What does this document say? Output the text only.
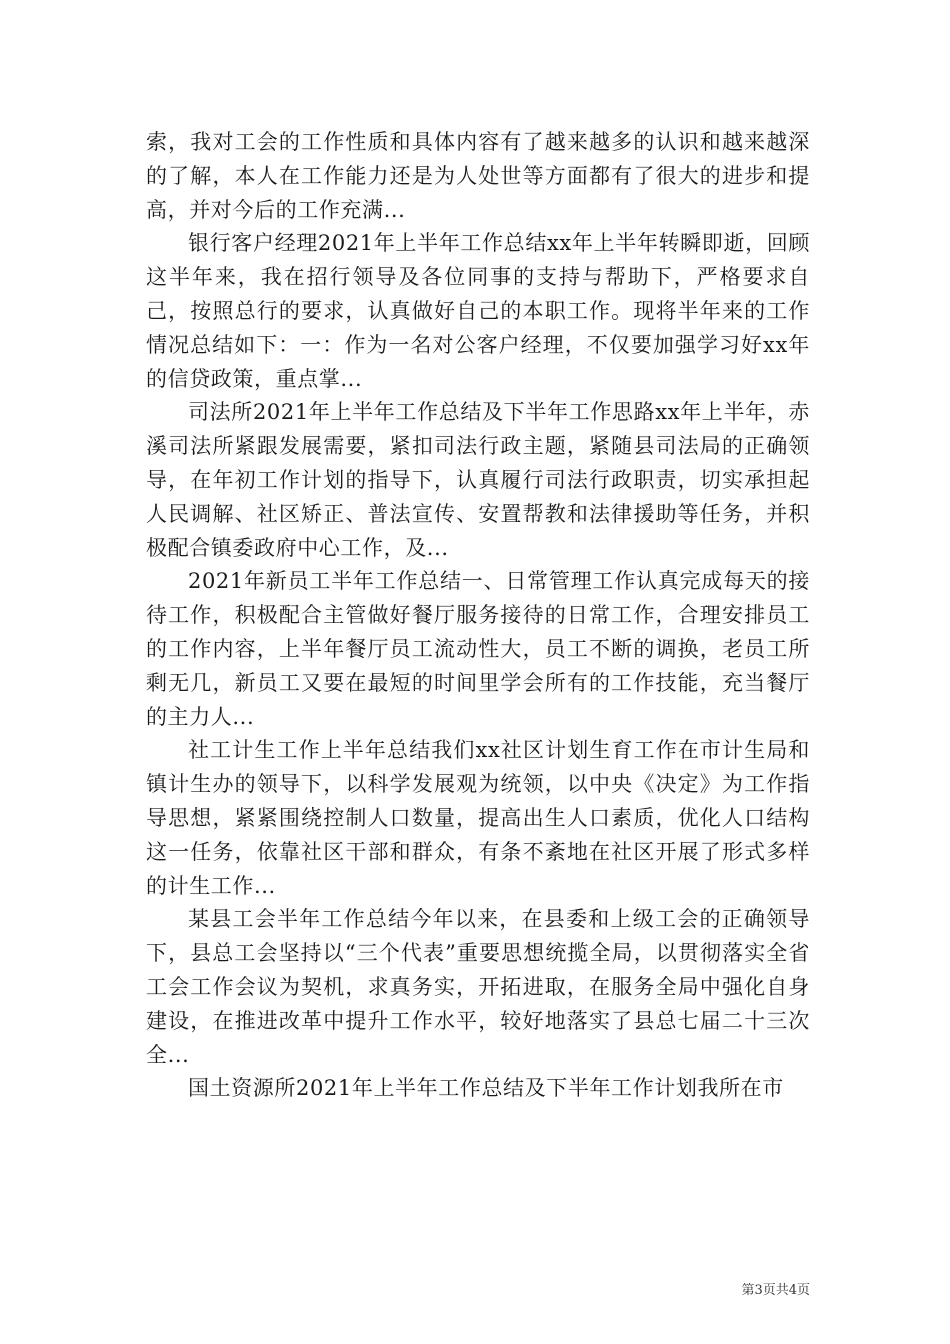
索，我对工会的工作性质和具体内容有了越来越多的认识和越来越深的了解，本人在工作能力还是为人处世等方面都有了很大的进步和提高，并对今后的工作充满...

银行客户经理2021年上半年工作总结xx年上半年转瞬即逝，回顾这半年来，我在招行领导及各位同事的支持与帮助下，严格要求自己，按照总行的要求，认真做好自己的本职工作。现将半年来的工作情况总结如下：一：作为一名对公客户经理，不仅要加强学习好xx年的信贷政策，重点掌...

司法所2021年上半年工作总结及下半年工作思路xx年上半年，赤溪司法所紧跟发展需要，紧扣司法行政主题，紧随县司法局的正确领导，在年初工作计划的指导下，认真履行司法行政职责，切实承担起人民调解、社区矫正、普法宣传、安置帮教和法律援助等任务，并积极配合镇委政府中心工作，及...

2021年新员工半年工作总结一、日常管理工作认真完成每天的接待工作，积极配合主管做好餐厅服务接待的日常工作，合理安排员工的工作内容，上半年餐厅员工流动性大，员工不断的调换，老员工所剩无几，新员工又要在最短的时间里学会所有的工作技能，充当餐厅的主力人...

社工计生工作上半年总结我们xx社区计划生育工作在市计生局和镇计生办的领导下，以科学发展观为统领，以中央《决定》为工作指导思想，紧紧围绕控制人口数量，提高出生人口素质，优化人口结构这一任务，依靠社区干部和群众，有条不紊地在社区开展了形式多样的计生工作...

某县工会半年工作总结今年以来，在县委和上级工会的正确领导下，县总工会坚持以“三个代表”重要思想统揽全局，以贯彻落实全省工会工作会议为契机，求真务实，开拓进取，在服务全局中强化自身建设，在推进改革中提升工作水平，较好地落实了县总七届二十三次全...

国土资源所2021年上半年工作总结及下半年工作计划我所在市

第3页共4页
